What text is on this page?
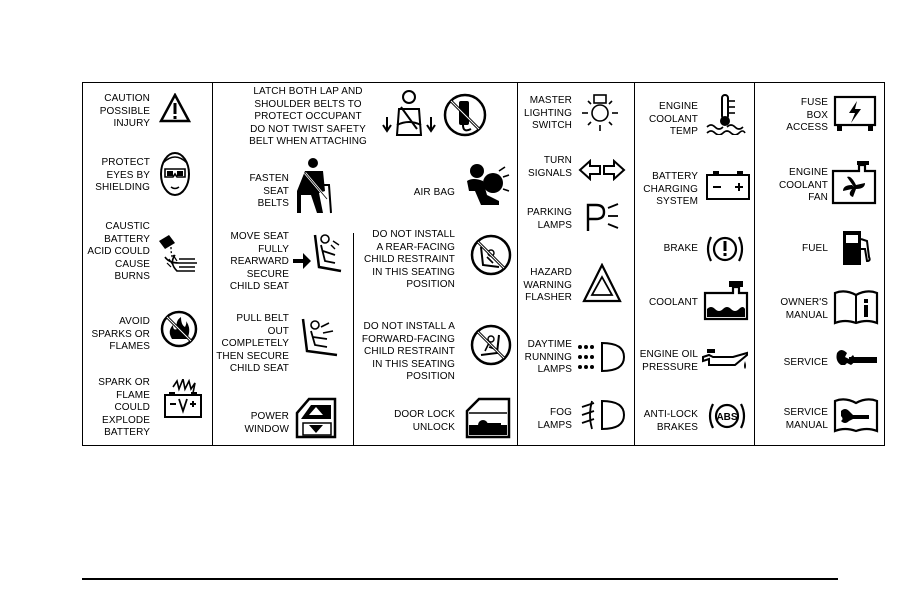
CAUTION
POSSIBLE
INJURY
PROTECT
EYES BY
SHIELDING
CAUSTIC
BATTERY
ACID COULD
CAUSE
BURNS
AVOID
SPARKS OR
FLAMES
SPARK OR
FLAME
COULD
EXPLODE
BATTERY
LATCH BOTH LAP AND
SHOULDER BELTS TO
PROTECT OCCUPANT
DO NOT TWIST SAFETY
BELT WHEN ATTACHING
FASTEN
SEAT
BELTS
AIR BAG
MOVE SEAT
FULLY
REARWARD
SECURE
CHILD SEAT
DO NOT INSTALL
A REAR-FACING
CHILD RESTRAINT
IN THIS SEATING
POSITION
PULL BELT
OUT
COMPLETELY
THEN SECURE
CHILD SEAT
DO NOT INSTALL A
FORWARD-FACING
CHILD RESTRAINT
IN THIS SEATING
POSITION
POWER
WINDOW
DOOR LOCK
UNLOCK
MASTER
LIGHTING
SWITCH
TURN
SIGNALS
PARKING
LAMPS
HAZARD
WARNING
FLASHER
DAYTIME
RUNNING
LAMPS
FOG
LAMPS
ENGINE
COOLANT
TEMP
BATTERY
CHARGING
SYSTEM
BRAKE
COOLANT
ENGINE OIL
PRESSURE
ANTI-LOCK
BRAKES
ABS
FUSE
BOX
ACCESS
ENGINE
COOLANT
FAN
FUEL
OWNER'S
MANUAL
SERVICE
SERVICE
MANUAL
